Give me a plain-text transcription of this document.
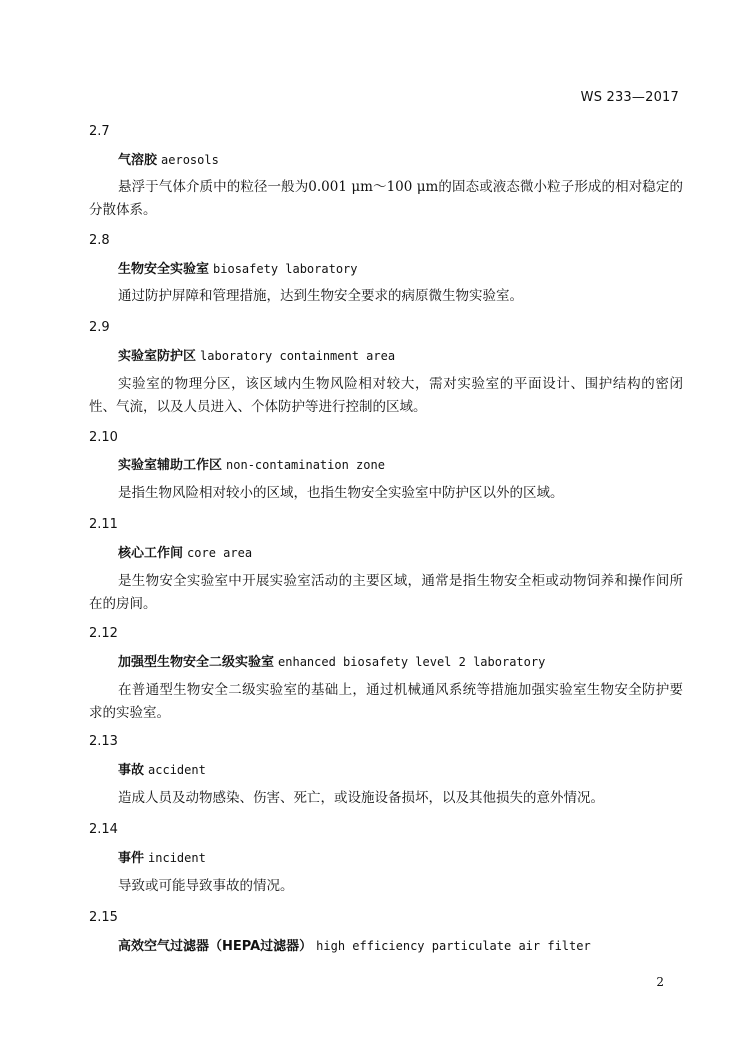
WS 233—2017
2.7
气溶胶 aerosols

悬浮于气体介质中的粒径一般为0.001 μm～100 μm的固态或液态微小粒子形成的相对稳定的分散体系。

2.8
生物安全实验室 biosafety laboratory

通过防护屏障和管理措施，达到生物安全要求的病原微生物实验室。

2.9
实验室防护区 laboratory containment area

实验室的物理分区，该区域内生物风险相对较大，需对实验室的平面设计、围护结构的密闭性、气流，以及人员进入、个体防护等进行控制的区域。

2.10
实验室辅助工作区 non-contamination zone

是指生物风险相对较小的区域，也指生物安全实验室中防护区以外的区域。

2.11
核心工作间 core area

是生物安全实验室中开展实验室活动的主要区域，通常是指生物安全柜或动物饲养和操作间所在的房间。

2.12
加强型生物安全二级实验室 enhanced biosafety level 2 laboratory

在普通型生物安全二级实验室的基础上，通过机械通风系统等措施加强实验室生物安全防护要求的实验室。

2.13
事故 accident

造成人员及动物感染、伤害、死亡，或设施设备损坏，以及其他损失的意外情况。

2.14
事件 incident

导致或可能导致事故的情况。

2.15
高效空气过滤器（HEPA过滤器） high efficiency particulate air filter
2
